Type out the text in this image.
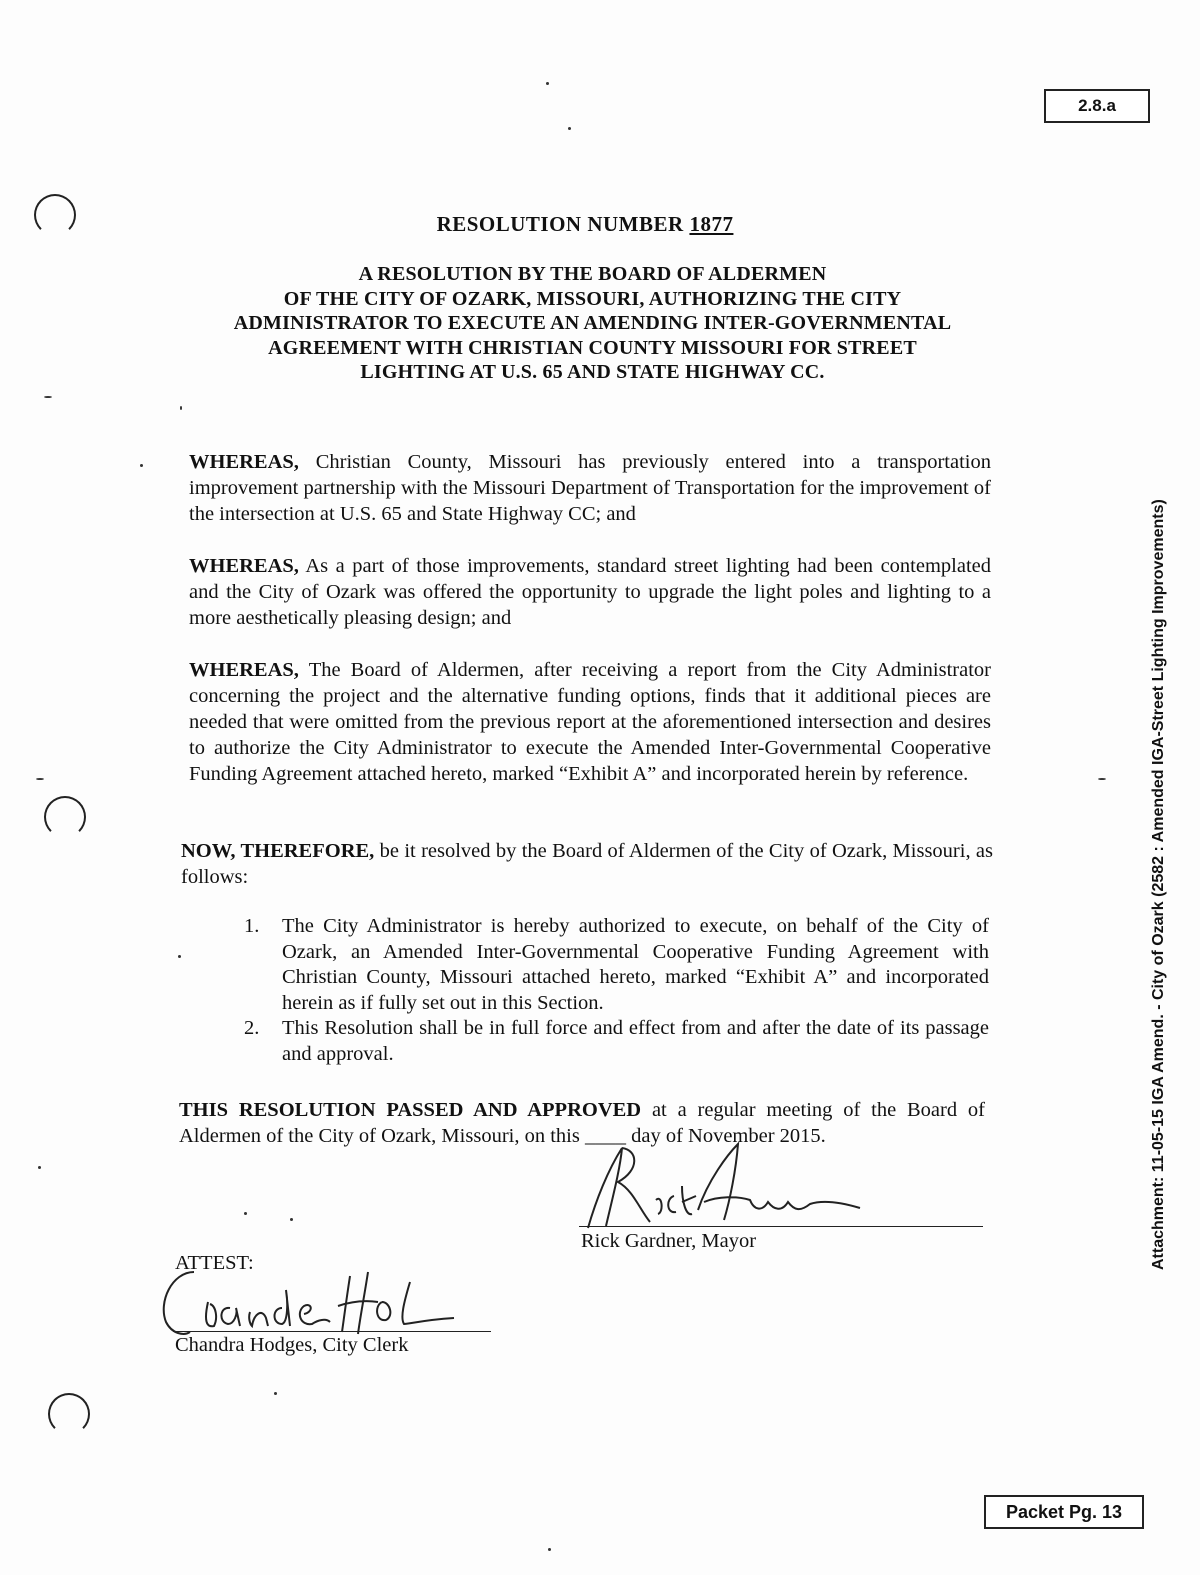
2.8.a
RESOLUTION NUMBER 1877
A RESOLUTION BY THE BOARD OF ALDERMEN
OF THE CITY OF OZARK, MISSOURI, AUTHORIZING THE CITY
ADMINISTRATOR TO EXECUTE AN AMENDING INTER-GOVERNMENTAL
AGREEMENT WITH CHRISTIAN COUNTY MISSOURI FOR STREET
LIGHTING AT U.S. 65 AND STATE HIGHWAY CC.
WHEREAS, Christian County, Missouri has previously entered into a transportation improvement partnership with the Missouri Department of Transportation for the improvement of the intersection at U.S. 65 and State Highway CC; and
WHEREAS, As a part of those improvements, standard street lighting had been contemplated and the City of Ozark was offered the opportunity to upgrade the light poles and lighting to a more aesthetically pleasing design; and
WHEREAS, The Board of Aldermen, after receiving a report from the City Administrator concerning the project and the alternative funding options, finds that it additional pieces are needed that were omitted from the previous report at the aforementioned intersection and desires to authorize the City Administrator to execute the Amended Inter-Governmental Cooperative Funding Agreement attached hereto, marked “Exhibit A” and incorporated herein by reference.
NOW, THEREFORE, be it resolved by the Board of Aldermen of the City of Ozark, Missouri, as follows:
1.	The City Administrator is hereby authorized to execute, on behalf of the City of Ozark, an Amended Inter-Governmental Cooperative Funding Agreement with Christian County, Missouri attached hereto, marked “Exhibit A” and incorporated herein as if fully set out in this Section.
2.	This Resolution shall be in full force and effect from and after the date of its passage and approval.
THIS RESOLUTION PASSED AND APPROVED at a regular meeting of the Board of Aldermen of the City of Ozark, Missouri, on this ____ day of November 2015.
Rick Gardner, Mayor
ATTEST:
Chandra Hodges, City Clerk
Attachment: 11-05-15 IGA Amend. - City of Ozark (2582 : Amended IGA-Street Lighting Improvements)
Packet Pg. 13
